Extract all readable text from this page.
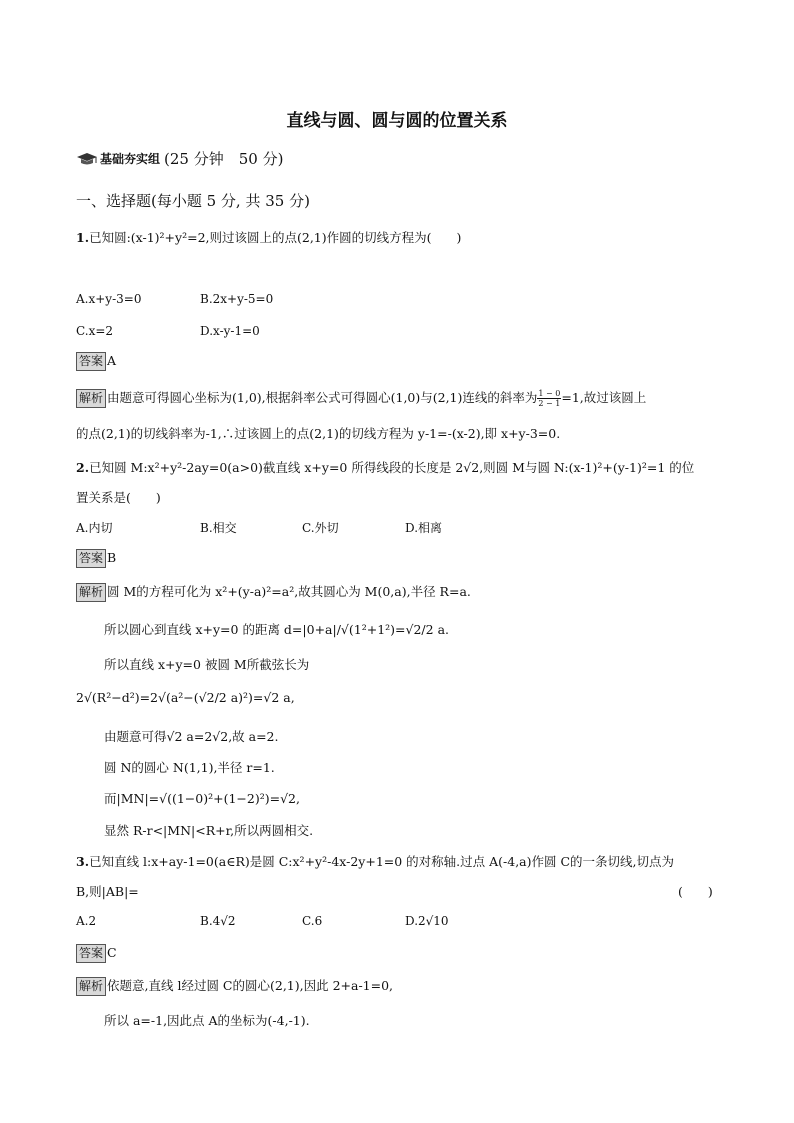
直线与圆、圆与圆的位置关系
基础夯实组 (25 分钟　50 分)
一、选择题(每小题 5 分, 共 35 分)
1.已知圆:(x-1)²+y²=2,则过该圆上的点(2,1)作圆的切线方程为(　　)
A.x+y-3=0	B.2x+y-5=0
C.x=2	D.x-y-1=0
答案 A
解析 由题意可得圆心坐标为(1,0),根据斜率公式可得圆心(1,0)与(2,1)连线的斜率为 $\frac{1 - 0}{2 - 1} =1$,故过该圆上
的点(2,1)的切线斜率为-1,∴过该圆上的点(2,1)的切线方程为 y-1=-(x-2),即 x+y-3=0.
2.已知圆 M:x²+y²-2ay=0(a>0)截直线 x+y=0 所得线段的长度是 2√2,则圆 M与圆 N:(x-1)²+(y-1)²=1 的位
置关系是(　　)
A.内切	B.相交	C.外切	D.相离
答案 B
解析 圆 M的方程可化为 x²+(y-a)²=a²,故其圆心为 M(0,a),半径 R=a.
所以圆心到直线 x+y=0 的距离 d=|0+a|/√(1²+1²)=√2/2 a.
所以直线 x+y=0 被圆 M所截弦长为
2√(R²−d²)=2√(a²−(√2/2 a)²)=√2 a,
由题意可得√2 a=2√2,故 a=2.
圆 N的圆心 N(1,1),半径 r=1.
而|MN|=√((1−0)²+(1−2)²)=√2,
显然 R-r<|MN|<R+r,所以两圆相交.
3.已知直线 l:x+ay-1=0(a∈R)是圆 C:x²+y²-4x-2y+1=0 的对称轴.过点 A(-4,a)作圆 C的一条切线,切点为
B,则|AB|=	(　　)
A.2	B.4√2	C.6	D.2√10
答案 C
解析 依题意,直线 l经过圆 C的圆心(2,1),因此 2+a-1=0,
所以 a=-1,因此点 A的坐标为(-4,-1).
